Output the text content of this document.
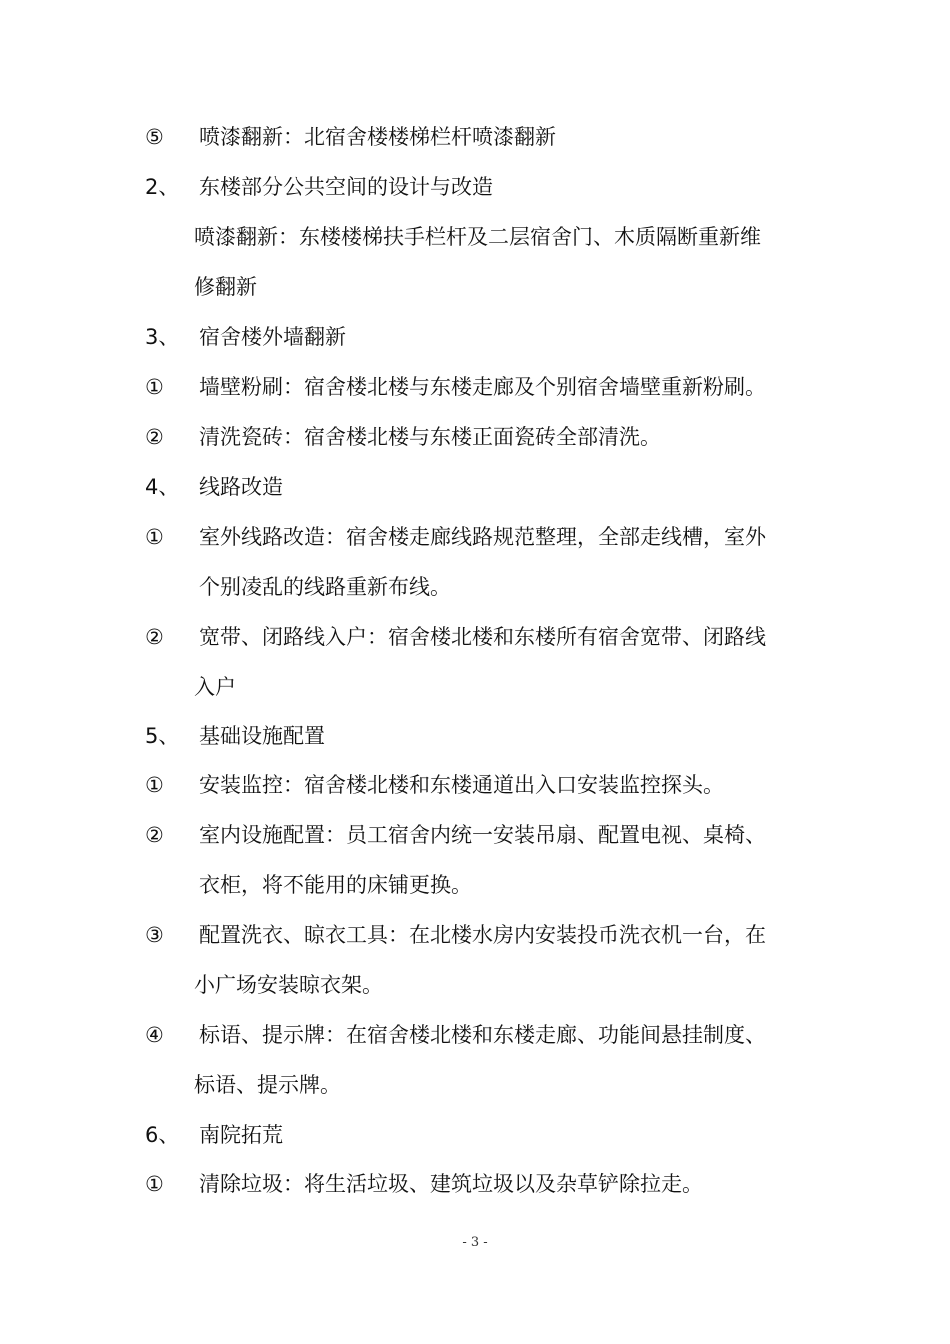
⑤ 喷漆翻新：北宿舍楼楼梯栏杆喷漆翻新
2、 东楼部分公共空间的设计与改造
喷漆翻新：东楼楼梯扶手栏杆及二层宿舍门、木质隔断重新维
修翻新
3、 宿舍楼外墙翻新
① 墙壁粉刷：宿舍楼北楼与东楼走廊及个别宿舍墙壁重新粉刷。
② 清洗瓷砖：宿舍楼北楼与东楼正面瓷砖全部清洗。
4、 线路改造
① 室外线路改造：宿舍楼走廊线路规范整理，全部走线槽，室外
个别凌乱的线路重新布线。
② 宽带、闭路线入户：宿舍楼北楼和东楼所有宿舍宽带、闭路线
入户
5、 基础设施配置
① 安装监控：宿舍楼北楼和东楼通道出入口安装监控探头。
② 室内设施配置：员工宿舍内统一安装吊扇、配置电视、桌椅、
衣柜，将不能用的床铺更换。
③ 配置洗衣、晾衣工具：在北楼水房内安装投币洗衣机一台，在
小广场安装晾衣架。
④ 标语、提示牌：在宿舍楼北楼和东楼走廊、功能间悬挂制度、
标语、提示牌。
6、 南院拓荒
① 清除垃圾：将生活垃圾、建筑垃圾以及杂草铲除拉走。
- 3 -
